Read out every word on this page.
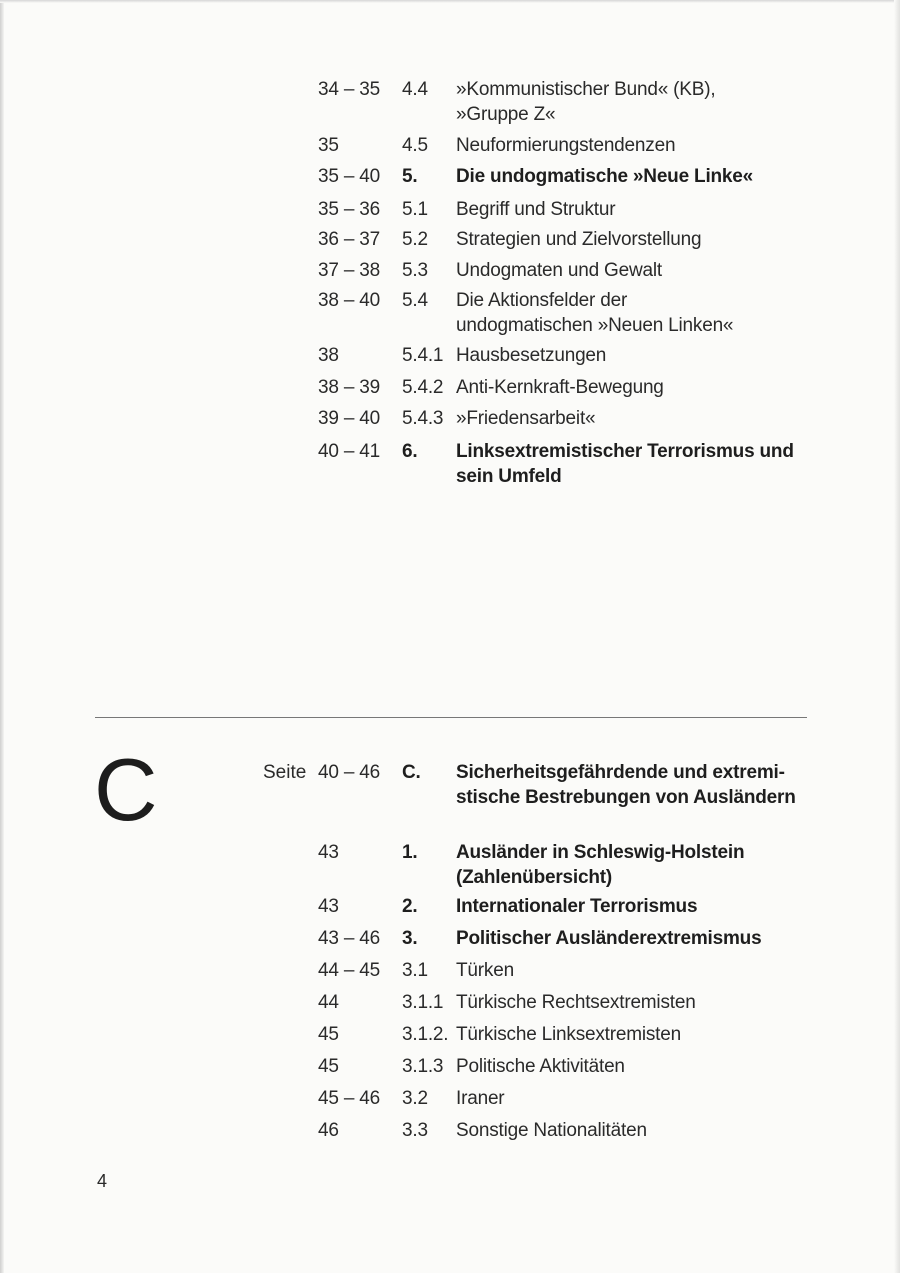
34 – 35 4.4 »Kommunistischer Bund« (KB),
»Gruppe Z«
35	4.5 Neuformierungstendenzen
35 – 40 5. Die undogmatische »Neue Linke«
35 – 36 5.1 Begriff und Struktur
36 – 37 5.2 Strategien und Zielvorstellung
37 – 38 5.3 Undogmaten und Gewalt
38 – 40 5.4 Die Aktionsfelder der
undogmatischen »Neuen Linken«
38	5.4.1 Hausbesetzungen
38 – 39 5.4.2 Anti-Kernkraft-Bewegung
39 – 40 5.4.3 »Friedensarbeit«
40 – 41 6. Linksextremistischer Terrorismus und
sein Umfeld
C	Seite 40 – 46 C. Sicherheitsgefährdende und extremi-
stische Bestrebungen von Ausländern
43	1. Ausländer in Schleswig-Holstein
(Zahlenübersicht)
43	2. Internationaler Terrorismus
43 – 46 3. Politischer Ausländerextremismus
44 – 45 3.1 Türken
44	3.1.1 Türkische Rechtsextremisten
45	3.1.2. Türkische Linksextremisten
45	3.1.3 Politische Aktivitäten
45 – 46 3.2 Iraner
46	3.3 Sonstige Nationalitäten
4
